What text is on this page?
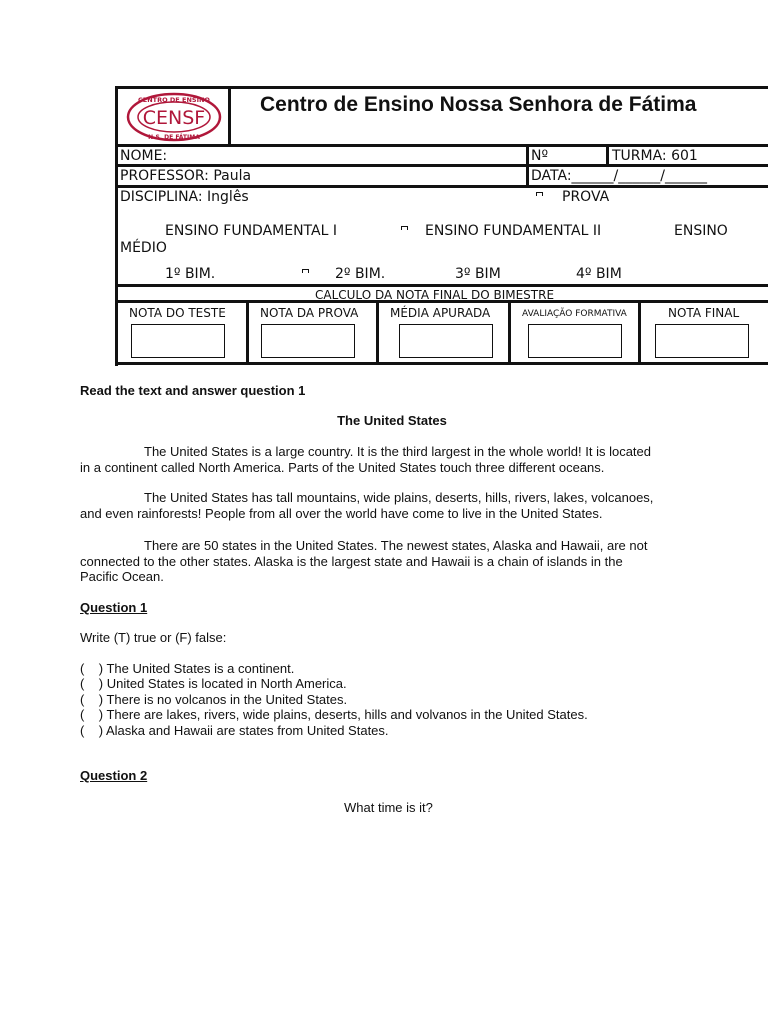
CENTRO DE ENSINO
CENSF
N.S. DE FÁTIMA
Centro de Ensino Nossa Senhora de Fátima
NOME:	Nº	TURMA: 601
PROFESSOR: Paula	DATA:______/______/______
DISCIPLINA: Inglês	PROVA
ENSINO FUNDAMENTAL I	ENSINO FUNDAMENTAL II	ENSINO
MÉDIO
1º BIM.	2º BIM.	3º BIM	4º BIM
CALCULO DA NOTA FINAL DO BIMESTRE
NOTA DO TESTE	NOTA DA PROVA	MÉDIA APURADA	AVALIAÇÃO FORMATIVA	NOTA FINAL
Read the text and answer question 1
The United States
The United States is a large country. It is the third largest in the whole world! It is located
in a continent called North America. Parts of the United States touch three different oceans.
The United States has tall mountains, wide plains, deserts, hills, rivers, lakes, volcanoes,
and even rainforests! People from all over the world have come to live in the United States.
There are 50 states in the United States. The newest states, Alaska and Hawaii, are not
connected to the other states. Alaska is the largest state and Hawaii is a chain of islands in the
Pacific Ocean.
Question 1
Write (T) true or (F) false:
(    ) The United States is a continent.
(    ) United States is located in North America.
(    ) There is no volcanos in the United States.
(    ) There are lakes, rivers, wide plains, deserts, hills and volvanos in the United States.
(    ) Alaska and Hawaii are states from United States.
Question 2
What time is it?
